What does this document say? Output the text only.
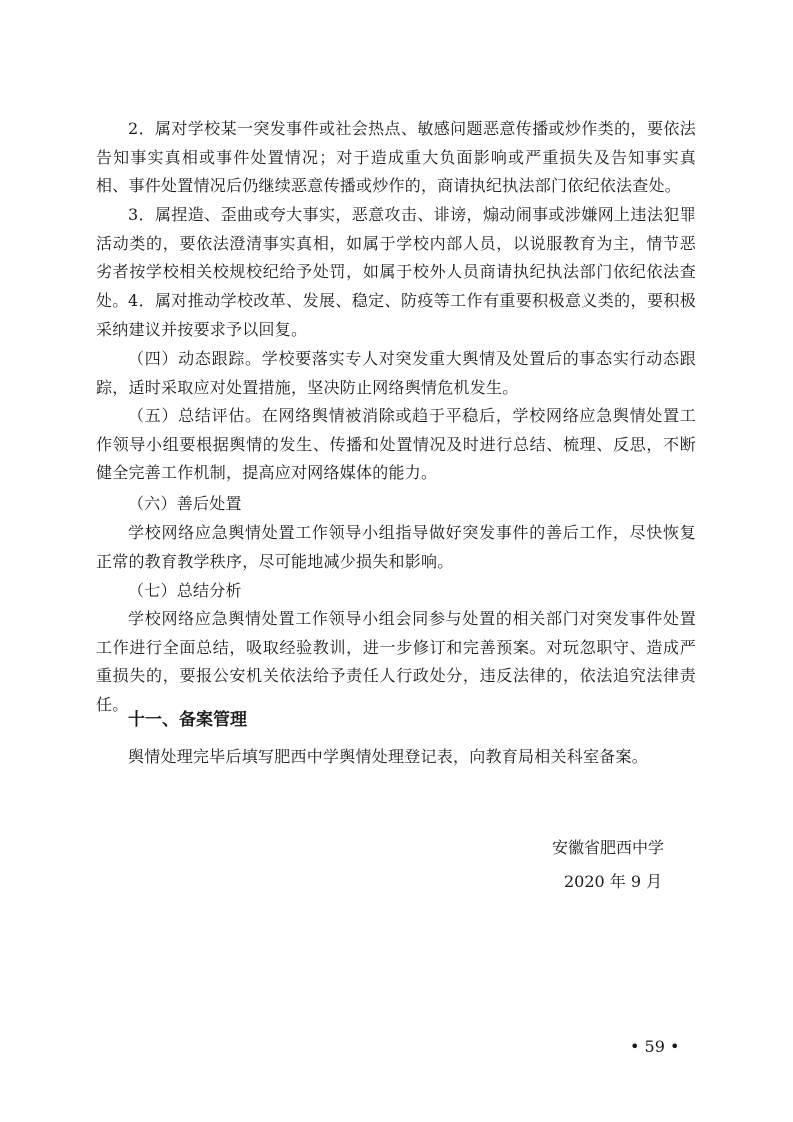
2．属对学校某一突发事件或社会热点、敏感问题恶意传播或炒作类的，要依法告知事实真相或事件处置情况；对于造成重大负面影响或严重损失及告知事实真相、事件处置情况后仍继续恶意传播或炒作的，商请执纪执法部门依纪依法查处。

3．属捏造、歪曲或夸大事实，恶意攻击、诽谤，煽动闹事或涉嫌网上违法犯罪活动类的，要依法澄清事实真相，如属于学校内部人员，以说服教育为主，情节恶劣者按学校相关校规校纪给予处罚，如属于校外人员商请执纪执法部门依纪依法查处。 4．属对推动学校改革、发展、稳定、防疫等工作有重要积极意义类的，要积极采纳建议并按要求予以回复。

（四）动态跟踪。学校要落实专人对突发重大舆情及处置后的事态实行动态跟踪，适时采取应对处置措施，坚决防止网络舆情危机发生。

（五）总结评估。在网络舆情被消除或趋于平稳后，学校网络应急舆情处置工作领导小组要根据舆情的发生、传播和处置情况及时进行总结、梳理、反思，不断健全完善工作机制，提高应对网络媒体的能力。

（六）善后处置

学校网络应急舆情处置工作领导小组指导做好突发事件的善后工作，尽快恢复正常的教育教学秩序，尽可能地减少损失和影响。

（七）总结分析

学校网络应急舆情处置工作领导小组会同参与处置的相关部门对突发事件处置工作进行全面总结，吸取经验教训，进一步修订和完善预案。对玩忽职守、造成严重损失的，要报公安机关依法给予责任人行政处分，违反法律的，依法追究法律责任。

十一、备案管理

舆情处理完毕后填写肥西中学舆情处理登记表，向教育局相关科室备案。

安徽省肥西中学

2020 年 9 月

• 59 •
